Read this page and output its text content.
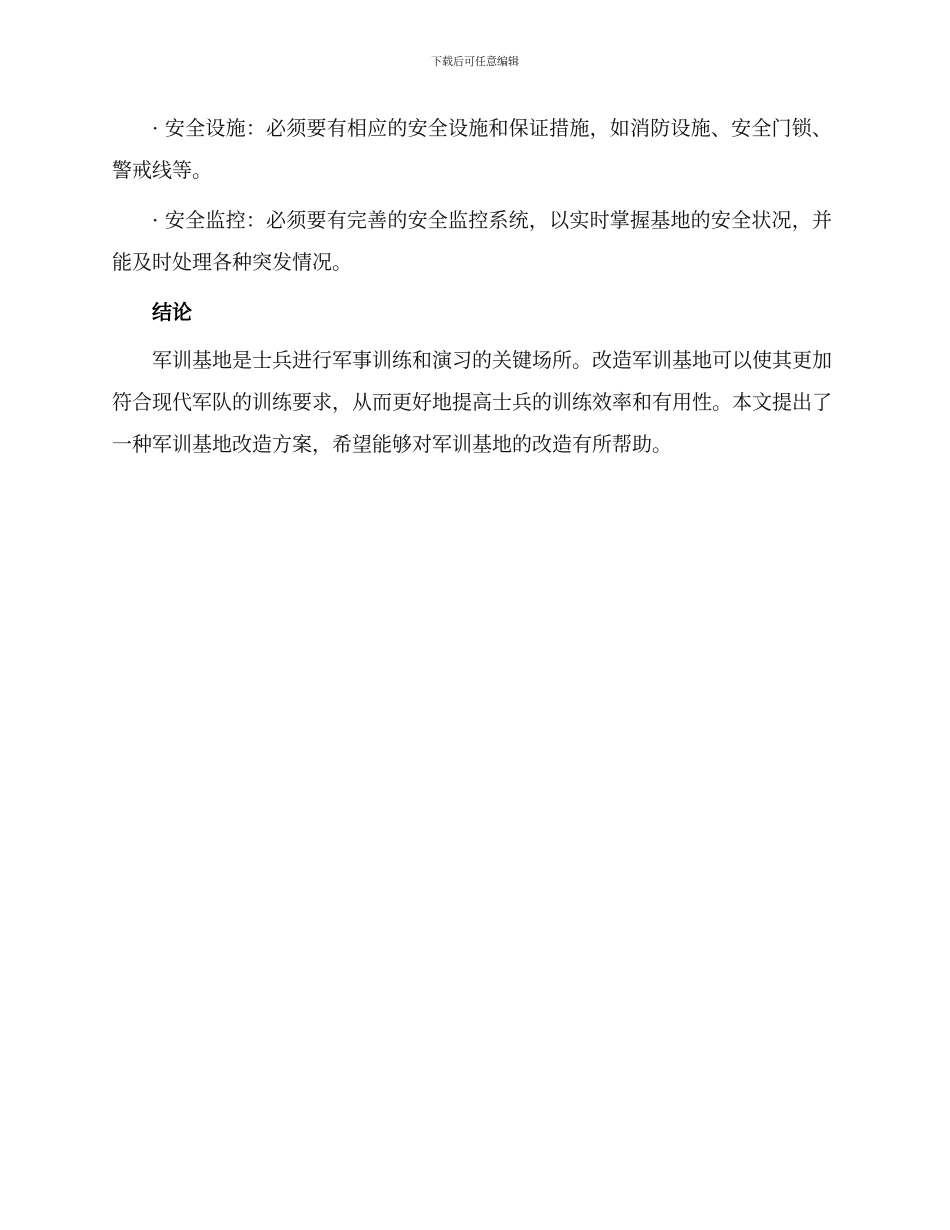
下载后可任意编辑

· 安全设施：必须要有相应的安全设施和保证措施，如消防设施、安全门锁、警戒线等。

· 安全监控：必须要有完善的安全监控系统，以实时掌握基地的安全状况，并能及时处理各种突发情况。

结论

军训基地是士兵进行军事训练和演习的关键场所。改造军训基地可以使其更加符合现代军队的训练要求，从而更好地提高士兵的训练效率和有用性。本文提出了一种军训基地改造方案，希望能够对军训基地的改造有所帮助。
